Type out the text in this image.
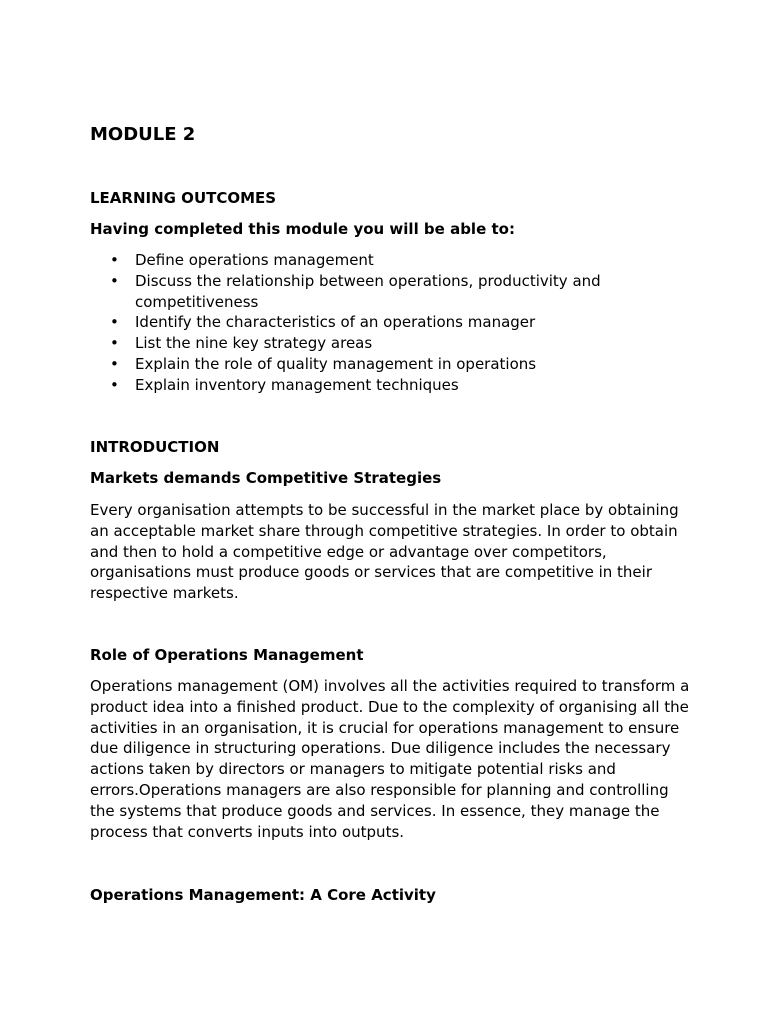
MODULE 2
LEARNING OUTCOMES
Having completed this module you will be able to:
• Define operations management
• Discuss the relationship between operations, productivity and competitiveness
• Identify the characteristics of an operations manager
• List the nine key strategy areas
• Explain the role of quality management in operations
• Explain inventory management techniques
INTRODUCTION
Markets demands Competitive Strategies

Every organisation attempts to be successful in the market place by obtaining an acceptable market share through competitive strategies. In order to obtain and then to hold a competitive edge or advantage over competitors, organisations must produce goods or services that are competitive in their respective markets.

Role of Operations Management

Operations management (OM) involves all the activities required to transform a product idea into a finished product. Due to the complexity of organising all the activities in an organisation, it is crucial for operations management to ensure due diligence in structuring operations. Due diligence includes the necessary actions taken by directors or managers to mitigate potential risks and errors.Operations managers are also responsible for planning and controlling the systems that produce goods and services. In essence, they manage the process that converts inputs into outputs.

Operations Management: A Core Activity
